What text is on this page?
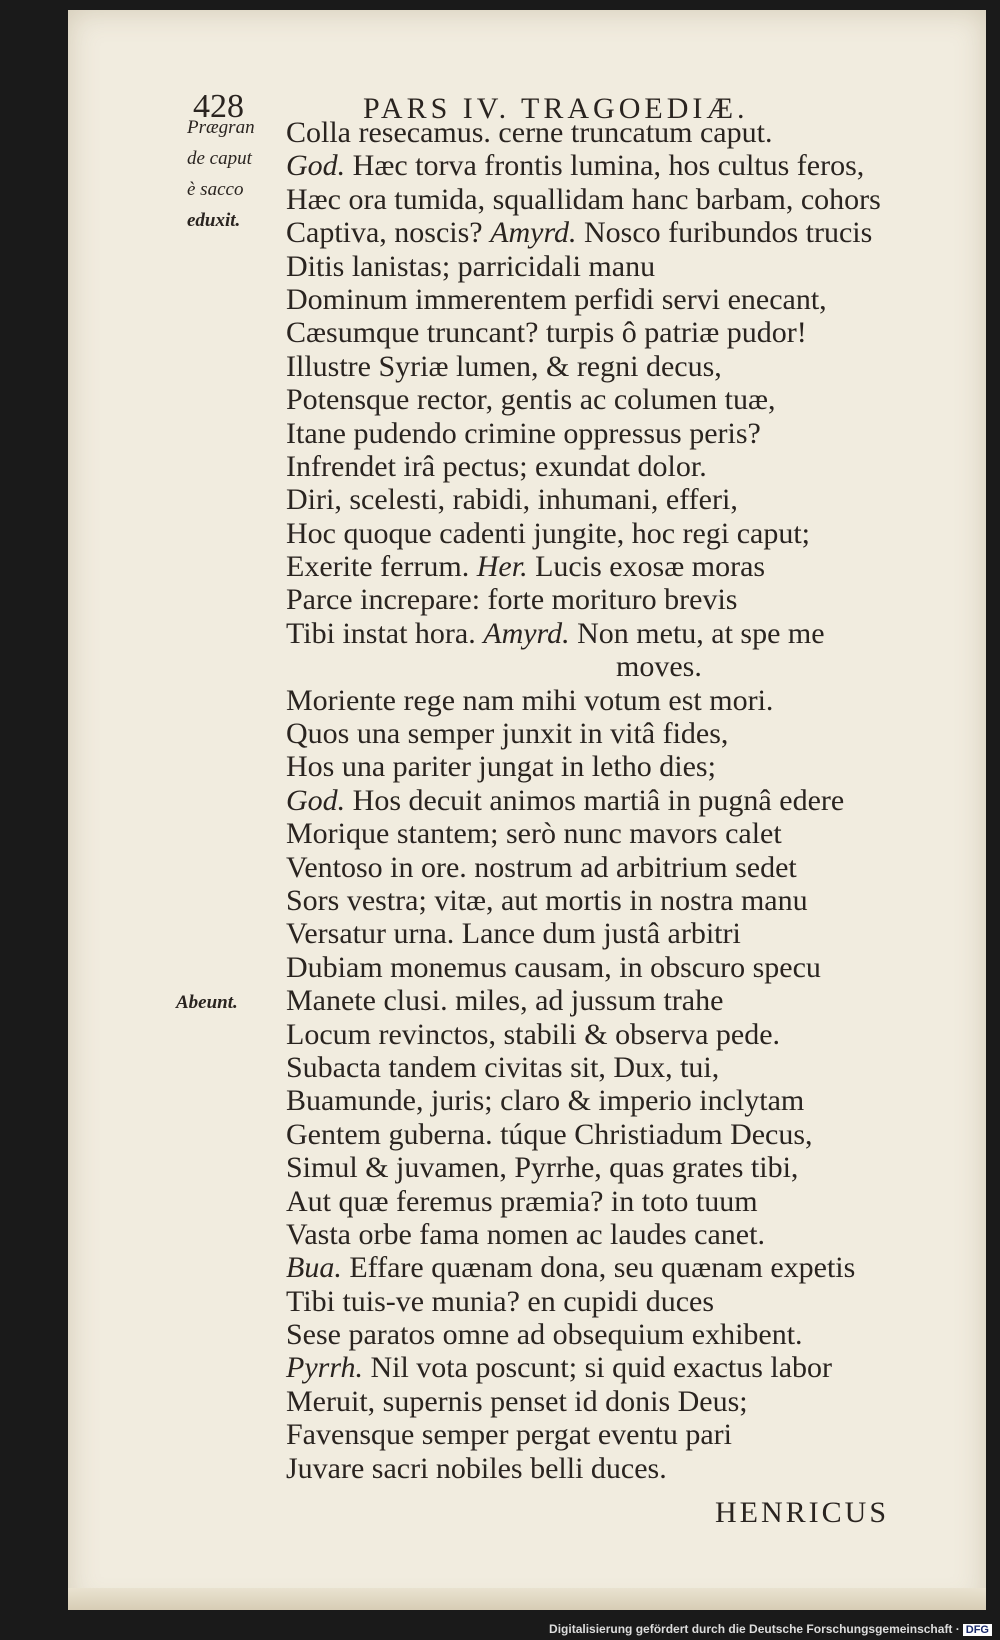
428	PARS IV. TRAGOEDIÆ.
Prægran
de caput
è sacco
eduxit.
Abeunt.
Colla resecamus. cerne truncatum caput.
God. Hæc torva frontis lumina, hos cultus feros,
Hæc ora tumida, squallidam hanc barbam, cohors
Captiva, noscis? Amyrd. Nosco furibundos trucis
Ditis lanistas; parricidali manu
Dominum immerentem perfidi servi enecant,
Cæsumque truncant? turpis ô patriæ pudor!
Illustre Syriæ lumen, & regni decus,
Potensque rector, gentis ac columen tuæ,
Itane pudendo crimine oppressus peris?
Infrendet irâ pectus; exundat dolor.
Diri, scelesti, rabidi, inhumani, efferi,
Hoc quoque cadenti jungite, hoc regi caput;
Exerite ferrum. Her. Lucis exosæ moras
Parce increpare: forte morituro brevis
Tibi instat hora. Amyrd. Non metu, at spe me
moves.
Moriente rege nam mihi votum est mori.
Quos una semper junxit in vitâ fides,
Hos una pariter jungat in letho dies;
God. Hos decuit animos martiâ in pugnâ edere
Morique stantem; serò nunc mavors calet
Ventoso in ore. nostrum ad arbitrium sedet
Sors vestra; vitæ, aut mortis in nostra manu
Versatur urna. Lance dum justâ arbitri
Dubiam monemus causam, in obscuro specu
Manete clusi. miles, ad jussum trahe
Locum revinctos, stabili & observa pede.
Subacta tandem civitas sit, Dux, tui,
Buamunde, juris; claro & imperio inclytam
Gentem guberna. túque Christiadum Decus,
Simul & juvamen, Pyrrhe, quas grates tibi,
Aut quæ feremus præmia? in toto tuum
Vasta orbe fama nomen ac laudes canet.
Bua. Effare quænam dona, seu quænam expetis
Tibi tuis-ve munia? en cupidi duces
Sese paratos omne ad obsequium exhibent.
Pyrrh. Nil vota poscunt; si quid exactus labor
Meruit, supernis penset id donis Deus;
Favensque semper pergat eventu pari
Juvare sacri nobiles belli duces.
HENRICUS
Digitalisierung gefördert durch die Deutsche Forschungsgemeinschaft · DFG
